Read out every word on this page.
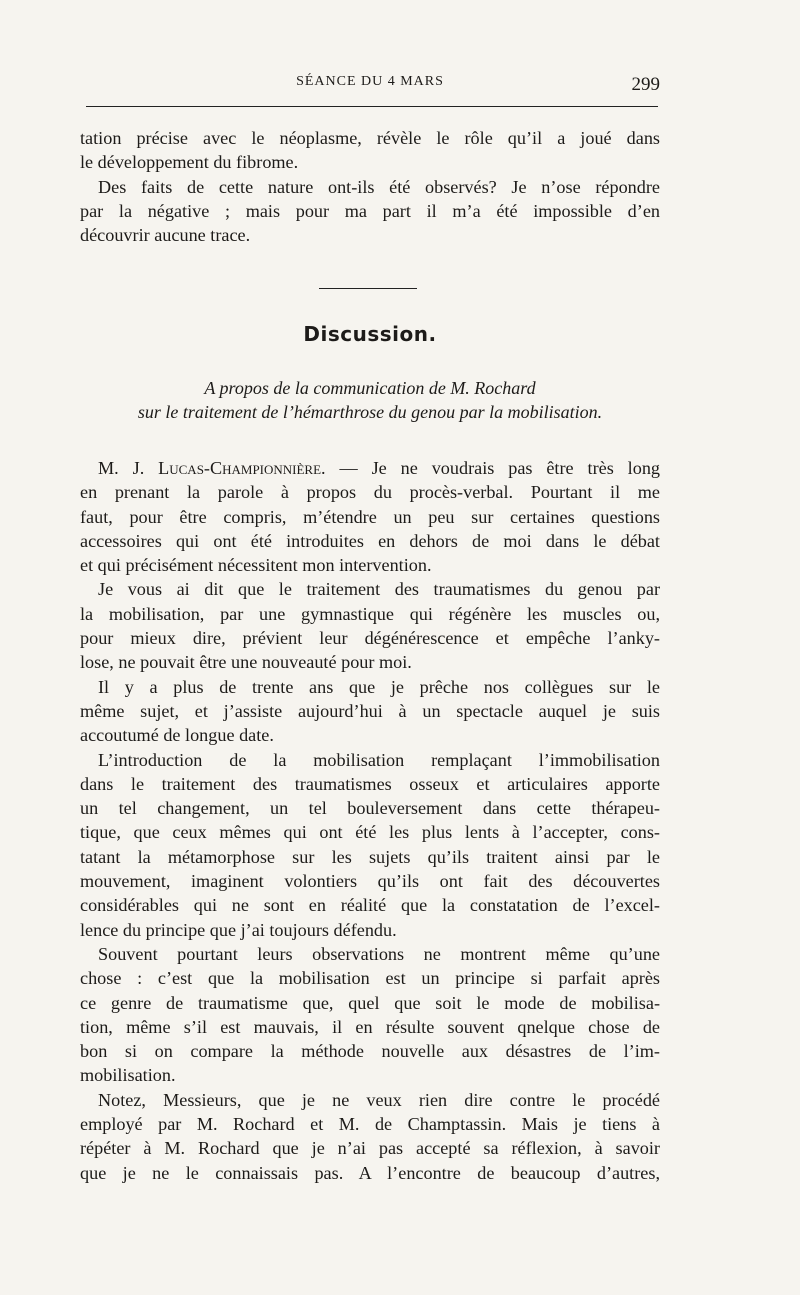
SÉANCE DU 4 MARS	299
tation précise avec le néoplasme, révèle le rôle qu’il a joué dans
le développement du fibrome.
Des faits de cette nature ont-ils été observés? Je n’ose répondre
par la négative ; mais pour ma part il m’a été impossible d’en
découvrir aucune trace.
Discussion.
A propos de la communication de M. Rochard
sur le traitement de l’hémarthrose du genou par la mobilisation.
M. J. Lucas-Championnière. — Je ne voudrais pas être très long
en prenant la parole à propos du procès-verbal. Pourtant il me
faut, pour être compris, m’étendre un peu sur certaines questions
accessoires qui ont été introduites en dehors de moi dans le débat
et qui précisément nécessitent mon intervention.
Je vous ai dit que le traitement des traumatismes du genou par
la mobilisation, par une gymnastique qui régénère les muscles ou,
pour mieux dire, prévient leur dégénérescence et empêche l’anky-
lose, ne pouvait être une nouveauté pour moi.
Il y a plus de trente ans que je prêche nos collègues sur le
même sujet, et j’assiste aujourd’hui à un spectacle auquel je suis
accoutumé de longue date.
L’introduction de la mobilisation remplaçant l’immobilisation
dans le traitement des traumatismes osseux et articulaires apporte
un tel changement, un tel bouleversement dans cette thérapeu-
tique, que ceux mêmes qui ont été les plus lents à l’accepter, cons-
tatant la métamorphose sur les sujets qu’ils traitent ainsi par le
mouvement, imaginent volontiers qu’ils ont fait des découvertes
considérables qui ne sont en réalité que la constatation de l’excel-
lence du principe que j’ai toujours défendu.
Souvent pourtant leurs observations ne montrent même qu’une
chose : c’est que la mobilisation est un principe si parfait après
ce genre de traumatisme que, quel que soit le mode de mobilisa-
tion, même s’il est mauvais, il en résulte souvent qnelque chose de
bon si on compare la méthode nouvelle aux désastres de l’im-
mobilisation.
Notez, Messieurs, que je ne veux rien dire contre le procédé
employé par M. Rochard et M. de Champtassin. Mais je tiens à
répéter à M. Rochard que je n’ai pas accepté sa réflexion, à savoir
que je ne le connaissais pas. A l’encontre de beaucoup d’autres,
